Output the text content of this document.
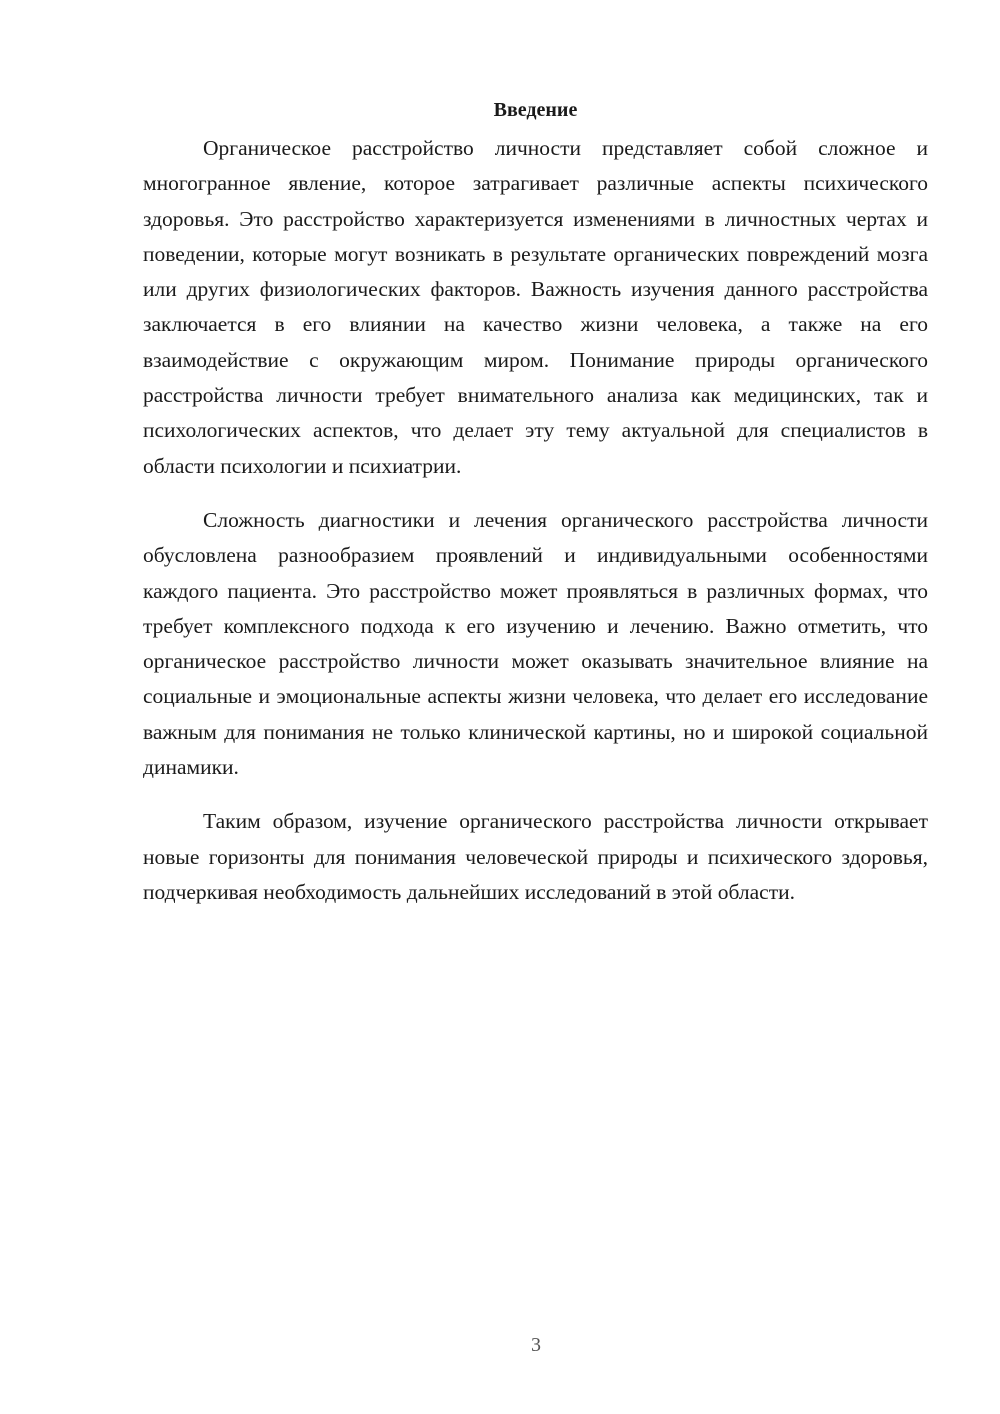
Введение

Органическое расстройство личности представляет собой сложное и многогранное явление, которое затрагивает различные аспекты психического здоровья. Это расстройство характеризуется изменениями в личностных чертах и поведении, которые могут возникать в результате органических повреждений мозга или других физиологических факторов. Важность изучения данного расстройства заключается в его влиянии на качество жизни человека, а также на его взаимодействие с окружающим миром. Понимание природы органического расстройства личности требует внимательного анализа как медицинских, так и психологических аспектов, что делает эту тему актуальной для специалистов в области психологии и психиатрии.

Сложность диагностики и лечения органического расстройства личности обусловлена разнообразием проявлений и индивидуальными особенностями каждого пациента. Это расстройство может проявляться в различных формах, что требует комплексного подхода к его изучению и лечению. Важно отметить, что органическое расстройство личности может оказывать значительное влияние на социальные и эмоциональные аспекты жизни человека, что делает его исследование важным для понимания не только клинической картины, но и широкой социальной динамики.

Таким образом, изучение органического расстройства личности открывает новые горизонты для понимания человеческой природы и психического здоровья, подчеркивая необходимость дальнейших исследований в этой области.

3
